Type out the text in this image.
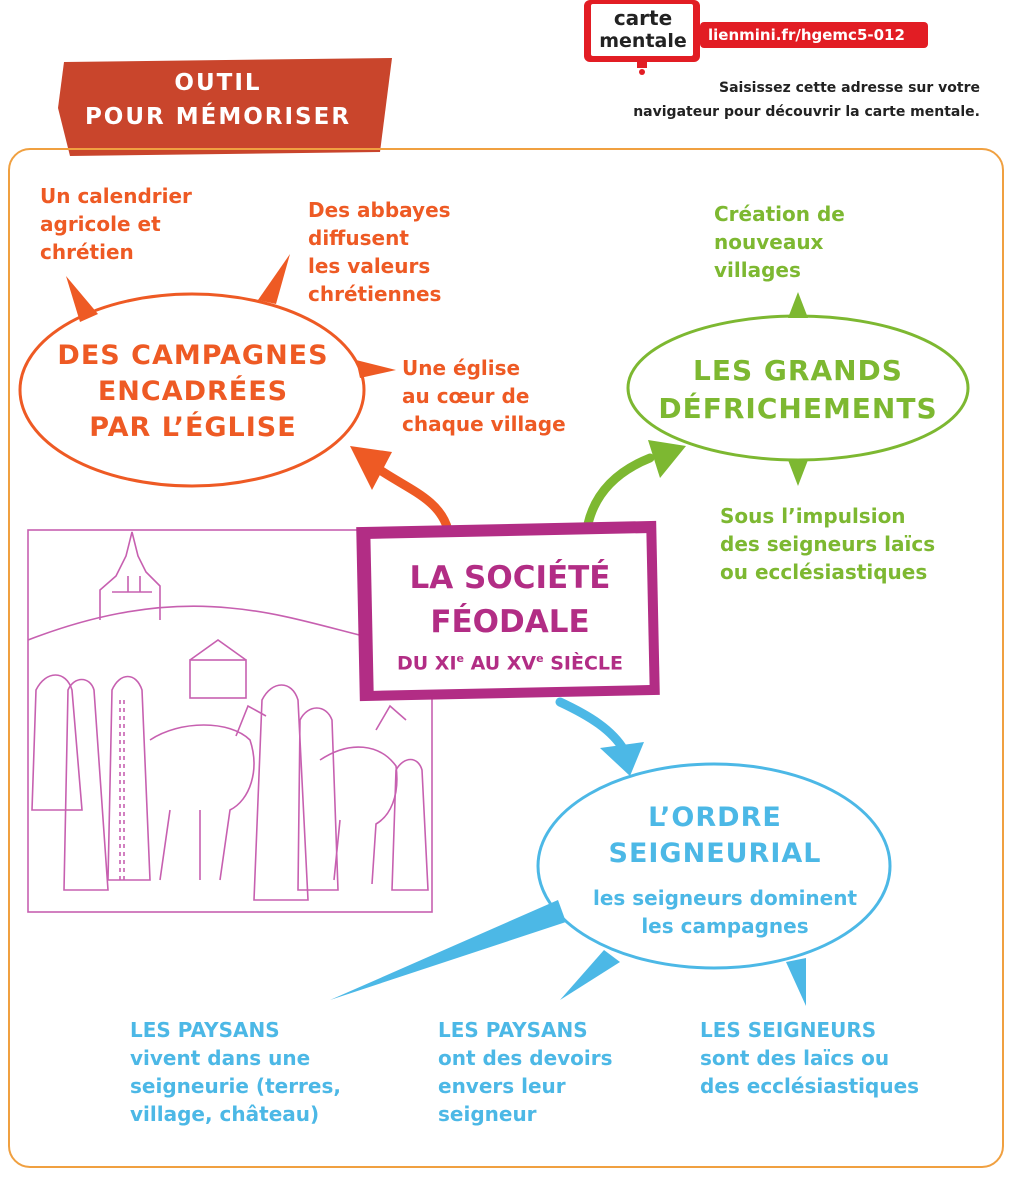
OUTIL
POUR MÉMORISER
carte
mentale	lienmini.fr/hgemc5-012
Saisissez cette adresse sur votre
navigateur pour découvrir la carte mentale.
LA SOCIÉTÉ
FÉODALE
DU XIe AU XVe SIÈCLE
DES CAMPAGNES
ENCADRÉES
PAR L’ÉGLISE
Un calendrier
agricole et
chrétien
Des abbayes
diffusent
les valeurs
chrétiennes
Une église
au cœur de
chaque village
LES GRANDS
DÉFRICHEMENTS
Création de
nouveaux
villages
Sous l’impulsion
des seigneurs laïcs
ou ecclésiastiques
L’ORDRE
SEIGNEURIAL
les seigneurs dominent
les campagnes
LES PAYSANS
vivent dans une
seigneurie (terres,
village, château)
LES PAYSANS
ont des devoirs
envers leur
seigneur
LES SEIGNEURS
sont des laïcs ou
des ecclésiastiques
